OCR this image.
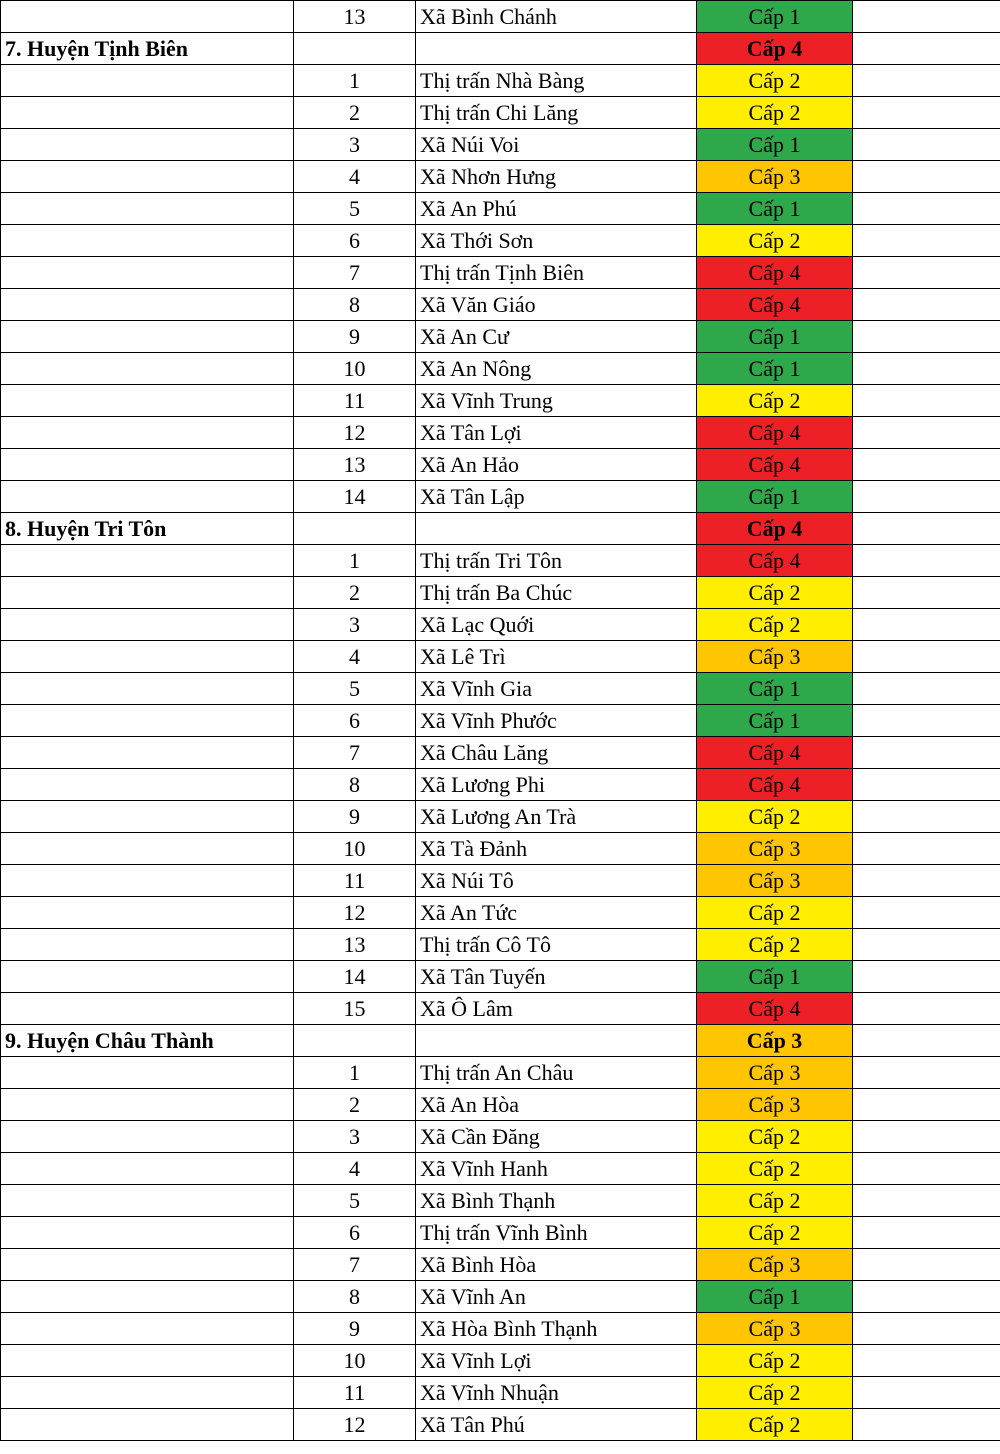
	13	Xã Bình Chánh	Cấp 1	
7. Huyện Tịnh Biên			Cấp 4	
	1	Thị trấn Nhà Bàng	Cấp 2	
	2	Thị trấn Chi Lăng	Cấp 2	
	3	Xã Núi Voi	Cấp 1	
	4	Xã Nhơn Hưng	Cấp 3	
	5	Xã An Phú	Cấp 1	
	6	Xã Thới Sơn	Cấp 2	
	7	Thị trấn Tịnh Biên	Cấp 4	
	8	Xã Văn Giáo	Cấp 4	
	9	Xã An Cư	Cấp 1	
	10	Xã An Nông	Cấp 1	
	11	Xã Vĩnh Trung	Cấp 2	
	12	Xã Tân Lợi	Cấp 4	
	13	Xã An Hảo	Cấp 4	
	14	Xã Tân Lập	Cấp 1	
8. Huyện Tri Tôn			Cấp 4	
	1	Thị trấn Tri Tôn	Cấp 4	
	2	Thị trấn Ba Chúc	Cấp 2	
	3	Xã Lạc Quới	Cấp 2	
	4	Xã Lê Trì	Cấp 3	
	5	Xã Vĩnh Gia	Cấp 1	
	6	Xã Vĩnh Phước	Cấp 1	
	7	Xã Châu Lăng	Cấp 4	
	8	Xã Lương Phi	Cấp 4	
	9	Xã Lương An Trà	Cấp 2	
	10	Xã Tà Đảnh	Cấp 3	
	11	Xã Núi Tô	Cấp 3	
	12	Xã An Tức	Cấp 2	
	13	Thị trấn Cô Tô	Cấp 2	
	14	Xã Tân Tuyến	Cấp 1	
	15	Xã Ô Lâm	Cấp 4	
9. Huyện Châu Thành			Cấp 3	
	1	Thị trấn An Châu	Cấp 3	
	2	Xã An Hòa	Cấp 3	
	3	Xã Cần Đăng	Cấp 2	
	4	Xã Vĩnh Hanh	Cấp 2	
	5	Xã Bình Thạnh	Cấp 2	
	6	Thị trấn Vĩnh Bình	Cấp 2	
	7	Xã Bình Hòa	Cấp 3	
	8	Xã Vĩnh An	Cấp 1	
	9	Xã Hòa Bình Thạnh	Cấp 3	
	10	Xã Vĩnh Lợi	Cấp 2	
	11	Xã Vĩnh Nhuận	Cấp 2	
	12	Xã Tân Phú	Cấp 2	
